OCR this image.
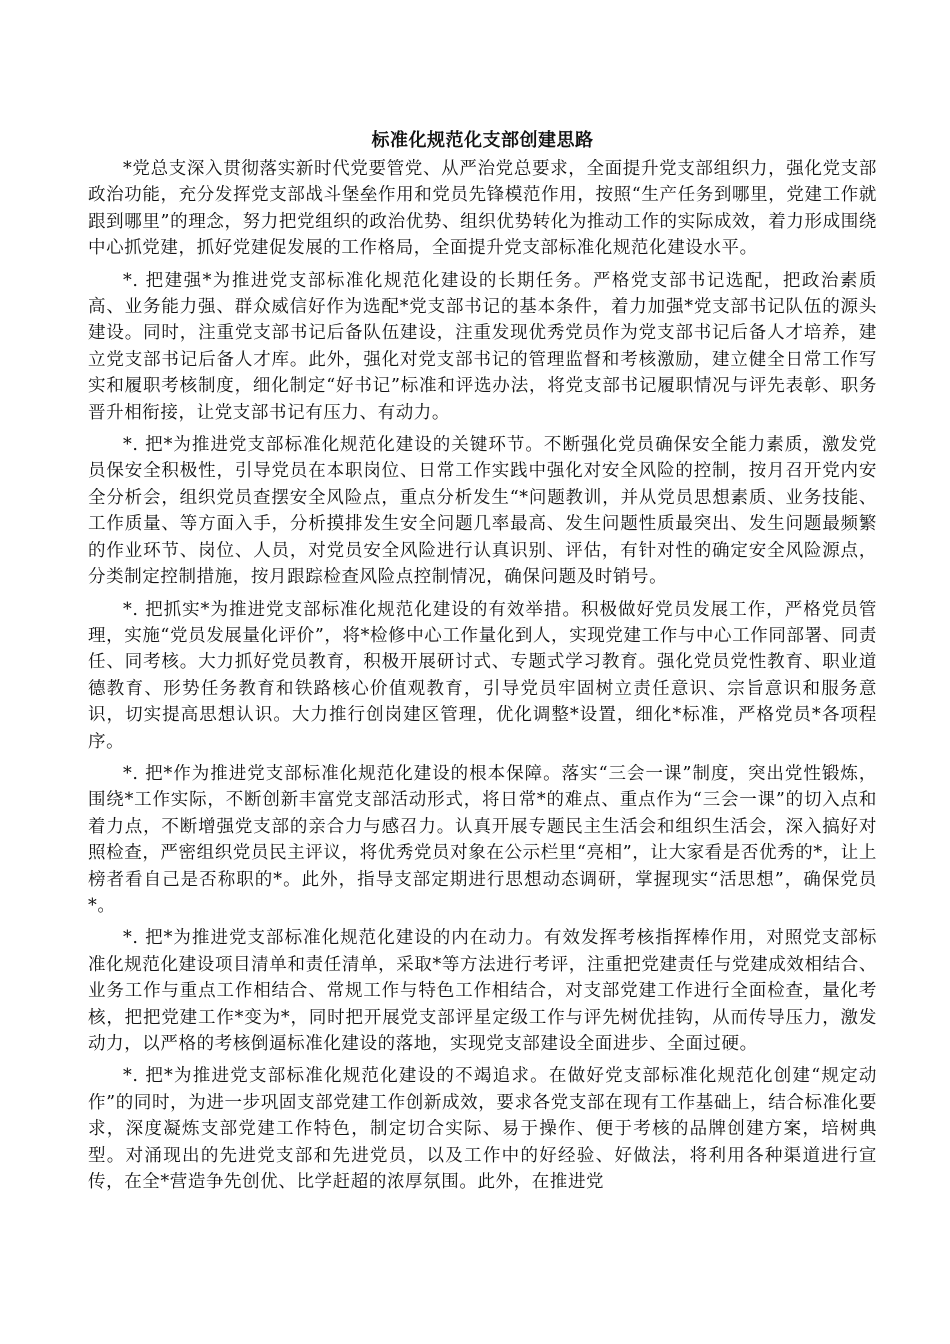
标准化规范化支部创建思路

*党总支深入贯彻落实新时代党要管党、从严治党总要求，全面提升党支部组织力，强化党支部政治功能，充分发挥党支部战斗堡垒作用和党员先锋模范作用，按照“生产任务到哪里，党建工作就跟到哪里”的理念，努力把党组织的政治优势、组织优势转化为推动工作的实际成效，着力形成围绕中心抓党建，抓好党建促发展的工作格局，全面提升党支部标准化规范化建设水平。

*. 把建强*为推进党支部标准化规范化建设的长期任务。严格党支部书记选配，把政治素质高、业务能力强、群众威信好作为选配*党支部书记的基本条件，着力加强*党支部书记队伍的源头建设。同时，注重党支部书记后备队伍建设，注重发现优秀党员作为党支部书记后备人才培养，建立党支部书记后备人才库。此外，强化对党支部书记的管理监督和考核激励，建立健全日常工作写实和履职考核制度，细化制定“好书记”标准和评选办法，将党支部书记履职情况与评先表彰、职务晋升相衔接，让党支部书记有压力、有动力。

*. 把*为推进党支部标准化规范化建设的关键环节。不断强化党员确保安全能力素质，激发党员保安全积极性，引导党员在本职岗位、日常工作实践中强化对安全风险的控制，按月召开党内安全分析会，组织党员查摆安全风险点，重点分析发生“*问题教训，并从党员思想素质、业务技能、工作质量、等方面入手，分析摸排发生安全问题几率最高、发生问题性质最突出、发生问题最频繁的作业环节、岗位、人员，对党员安全风险进行认真识别、评估，有针对性的确定安全风险源点，分类制定控制措施，按月跟踪检查风险点控制情况，确保问题及时销号。

*. 把抓实*为推进党支部标准化规范化建设的有效举措。积极做好党员发展工作，严格党员管理，实施“党员发展量化评价”，将*检修中心工作量化到人，实现党建工作与中心工作同部署、同责任、同考核。大力抓好党员教育，积极开展研讨式、专题式学习教育。强化党员党性教育、职业道德教育、形势任务教育和铁路核心价值观教育，引导党员牢固树立责任意识、宗旨意识和服务意识，切实提高思想认识。大力推行创岗建区管理，优化调整*设置，细化*标准，严格党员*各项程序。

*. 把*作为推进党支部标准化规范化建设的根本保障。落实“三会一课”制度，突出党性锻炼，围绕*工作实际，不断创新丰富党支部活动形式，将日常*的难点、重点作为“三会一课”的切入点和着力点，不断增强党支部的亲合力与感召力。认真开展专题民主生活会和组织生活会，深入搞好对照检查，严密组织党员民主评议，将优秀党员对象在公示栏里“亮相”，让大家看是否优秀的*，让上榜者看自己是否称职的*。此外，指导支部定期进行思想动态调研，掌握现实“活思想”，确保党员*。

*. 把*为推进党支部标准化规范化建设的内在动力。有效发挥考核指挥棒作用，对照党支部标准化规范化建设项目清单和责任清单，采取*等方法进行考评，注重把党建责任与党建成效相结合、业务工作与重点工作相结合、常规工作与特色工作相结合，对支部党建工作进行全面检查，量化考核，把把党建工作*变为*，同时把开展党支部评星定级工作与评先树优挂钩，从而传导压力，激发动力，以严格的考核倒逼标准化建设的落地，实现党支部建设全面进步、全面过硬。

*. 把*为推进党支部标准化规范化建设的不竭追求。在做好党支部标准化规范化创建“规定动作”的同时，为进一步巩固支部党建工作创新成效，要求各党支部在现有工作基础上，结合标准化要求，深度凝炼支部党建工作特色，制定切合实际、易于操作、便于考核的品牌创建方案，培树典型。对涌现出的先进党支部和先进党员，以及工作中的好经验、好做法，将利用各种渠道进行宣传，在全*营造争先创优、比学赶超的浓厚氛围。此外，在推进党
